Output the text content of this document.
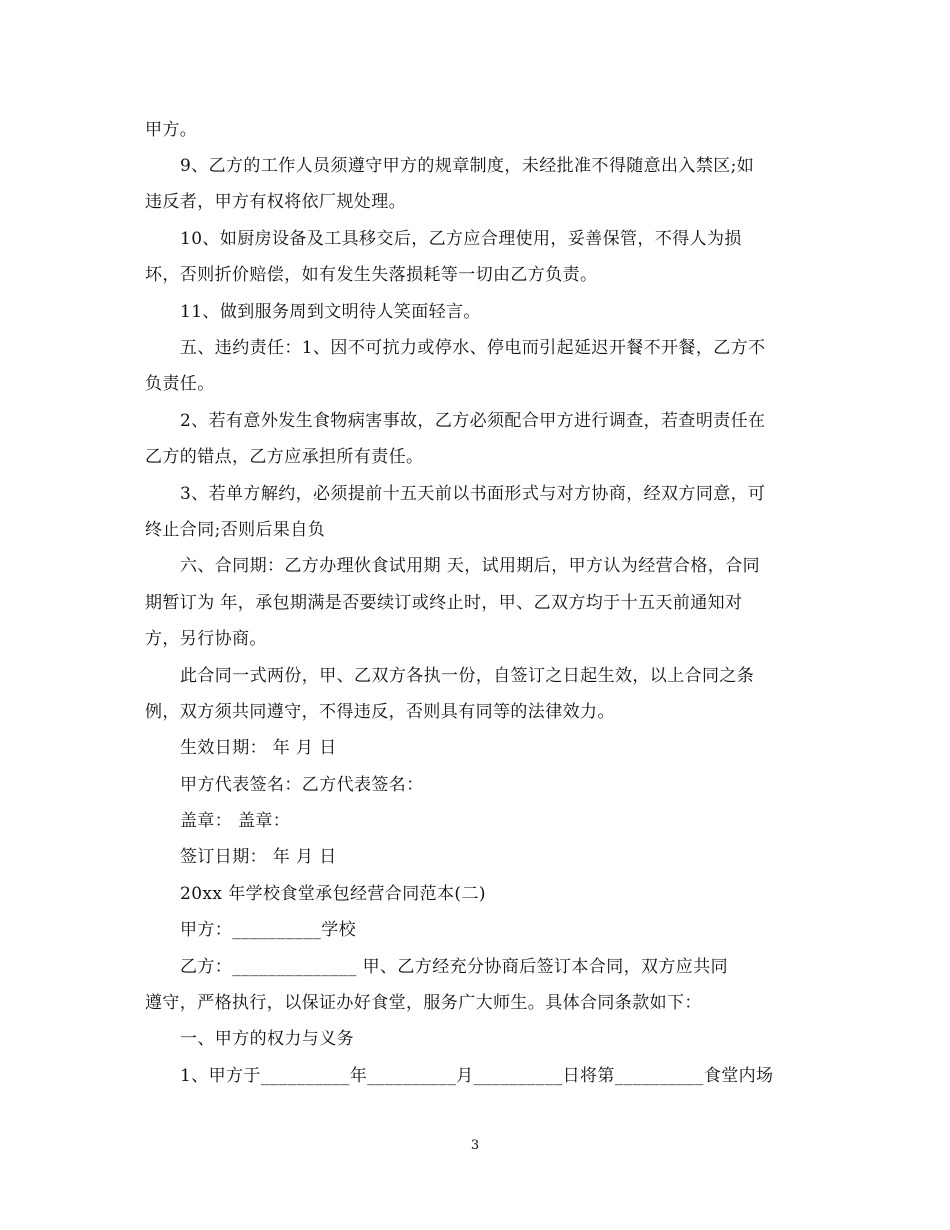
甲方。
9、乙方的工作人员须遵守甲方的规章制度，未经批准不得随意出入禁区;如
违反者，甲方有权将依厂规处理。
10、如厨房设备及工具移交后，乙方应合理使用，妥善保管，不得人为损
坏，否则折价赔偿，如有发生失落损耗等一切由乙方负责。
11、做到服务周到文明待人笑面轻言。
五、违约责任：1、因不可抗力或停水、停电而引起延迟开餐不开餐，乙方不
负责任。
2、若有意外发生食物病害事故，乙方必须配合甲方进行调查，若查明责任在
乙方的错点，乙方应承担所有责任。
3、若单方解约，必须提前十五天前以书面形式与对方协商，经双方同意，可
终止合同;否则后果自负
六、合同期：乙方办理伙食试用期 天，试用期后，甲方认为经营合格，合同
期暂订为 年，承包期满是否要续订或终止时，甲、乙双方均于十五天前通知对
方，另行协商。
此合同一式两份，甲、乙双方各执一份，自签订之日起生效，以上合同之条
例，双方须共同遵守，不得违反，否则具有同等的法律效力。
生效日期： 年 月 日
甲方代表签名：乙方代表签名：
盖章： 盖章：
签订日期： 年 月 日
20xx 年学校食堂承包经营合同范本(二)
甲方：__________学校
乙方：______________ 甲、乙方经充分协商后签订本合同，双方应共同
遵守，严格执行，以保证办好食堂，服务广大师生。具体合同条款如下：
一、甲方的权力与义务
1、甲方于__________年__________月__________日将第__________食堂内场
3
